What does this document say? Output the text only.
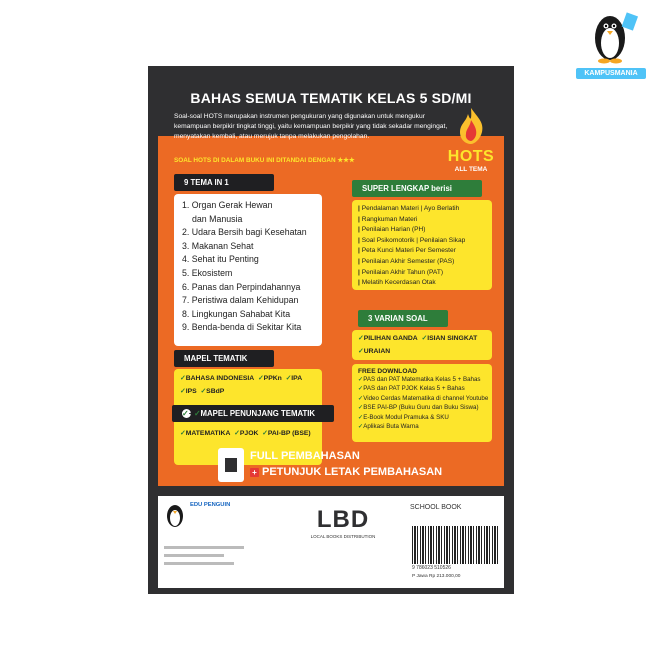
KAMPUSMANIA
BAHAS SEMUA TEMATIK KELAS 5 SD/MI
9 TEMA IN 1
1. Organ Gerak Hewan
dan Manusia
2. Udara Bersih bagi Kesehatan
3. Makanan Sehat
4. Sehat itu Penting
5. Ekosistem
6. Panas dan Perpindahannya
7. Peristiwa dalam Kehidupan
8. Lingkungan Sahabat Kita
9. Benda-benda di Sekitar Kita
MAPEL TEMATIK
✓ BAHASA INDONESIA ✓ PPKn ✓ IPA
✓ IPS ✓ SBdP
✓ + ✓ MAPEL PENUNJANG TEMATIK
✓ MATEMATIKA ✓ PJOK ✓ PAI-BP (BSE)
SUPER LENGKAP berisi
| Pendalaman Materi | Ayo Berlatih
| Rangkuman Materi
| Penilaian Harian (PH)
| Soal Psikomotorik | Penilaian Sikap
| Peta Kunci Materi Per Semester
| Penilaian Akhir Semester (PAS)
| Penilaian Akhir Tahun (PAT)
| Melatih Kecerdasan Otak
3 VARIAN SOAL
✓ PILIHAN GANDA ✓ ISIAN SINGKAT
✓ URAIAN
FREE DOWNLOAD
✓ PAS dan PAT Matematika Kelas 5 + Bahas
✓ PAS dan PAT PJOK Kelas 5 + Bahas
✓ Video Cerdas Matematika di channel Youtube
✓ BSE PAI-BP (Buku Guru dan Buku Siswa)
✓ E-Book Modul Pramuka & SKU
✓ Aplikasi Buta Warna
Soal-soal HOTS merupakan instrumen pengukuran yang digunakan untuk mengukur kemampuan berpikir tingkat tinggi, yaitu kemampuan berpikir yang tidak sekadar mengingat, menyatakan kembali, atau merujuk tanpa melakukan pengolahan.
SOAL HOTS DI DALAM BUKU INI DITANDAI DENGAN ★★★	HOTS
ALL TEMA
FULL PEMBAHASAN
+ PETUNJUK LETAK PEMBAHASAN
EDU PENGUIN
LBD
LOCAL BOOKS DISTRIBUTION
SCHOOL BOOK
9 786023 510526
P Jawa Rp 213.000,00
